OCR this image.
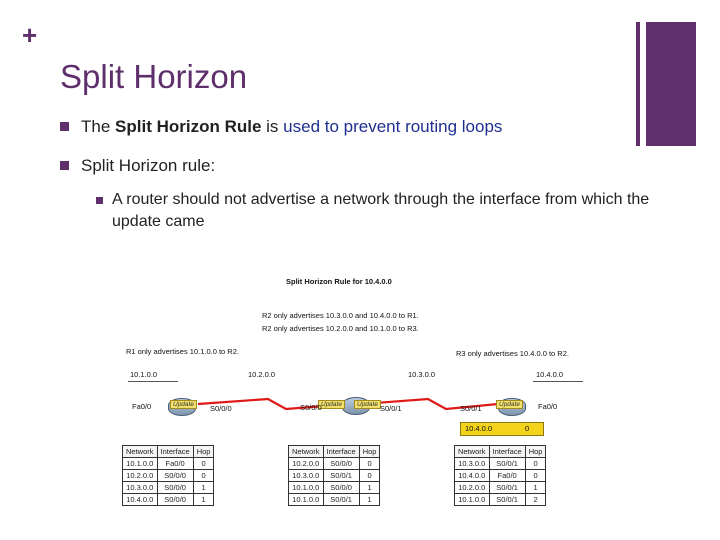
+
Split Horizon
The Split Horizon Rule is used to prevent routing loops
Split Horizon rule:
A router should not advertise a network through the interface from which the update came
Split Horizon Rule for 10.4.0.0
R2 only advertises 10.3.0.0 and 10.4.0.0 to R1.
R2 only advertises 10.2.0.0 and 10.1.0.0 to R3.
R1 only advertises 10.1.0.0 to R2.	R3 only advertises 10.4.0.0 to R2.
10.1.0.0	10.2.0.0	10.3.0.0	10.4.0.0
Update	Update	Update	Update
Fa0/0	S0/0/0	S0/0/0	S0/0/1	S0/0/1	Fa0/0
10.4.0.0	0
Network	Interface	Hop
10.1.0.0	Fa0/0	0
10.2.0.0	S0/0/0	0
10.3.0.0	S0/0/0	1
10.4.0.0	S0/0/0	1
Network	Interface	Hop
10.2.0.0	S0/0/0	0
10.3.0.0	S0/0/1	0
10.1.0.0	S0/0/0	1
10.1.0.0	S0/0/1	1
Network	Interface	Hop
10.3.0.0	S0/0/1	0
10.4.0.0	Fa0/0	0
10.2.0.0	S0/0/1	1
10.1.0.0	S0/0/1	2
